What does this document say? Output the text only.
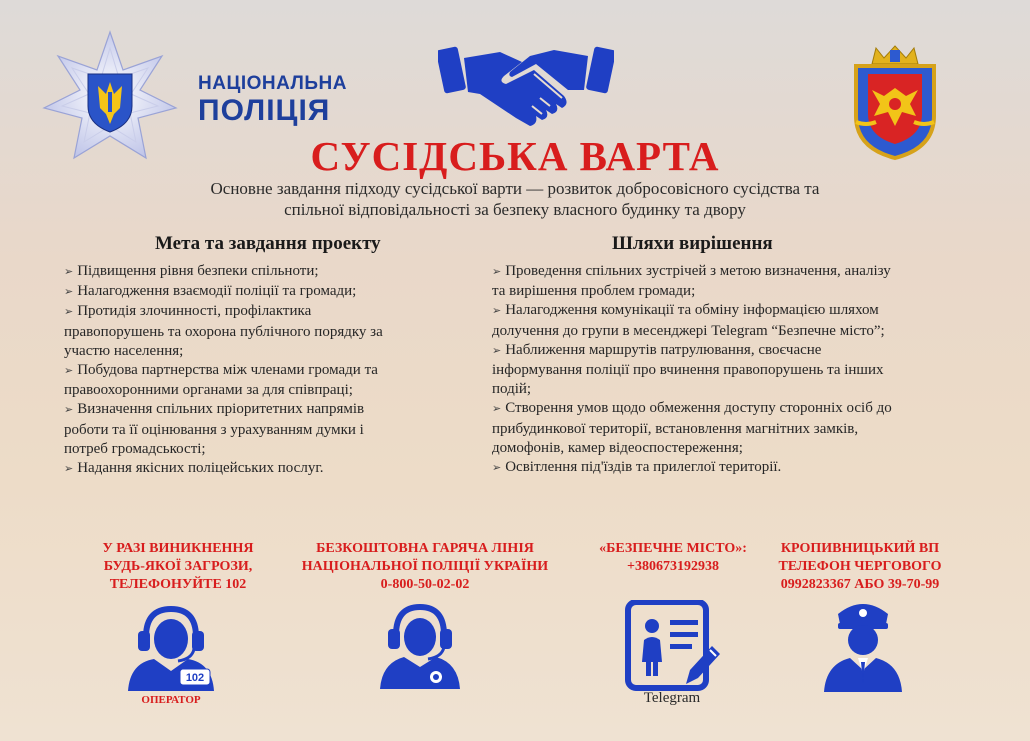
НАЦІОНАЛЬНА
ПОЛІЦІЯ
СУСІДСЬКА ВАРТА
Основне завдання підходу сусідської варти — розвиток добросовісного сусідства та
спільної відповідальності за безпеку власного будинку та двору
Мета та завдання проекту
➢ Підвищення рівня безпеки спільноти;
➢ Налагодження взаємодії поліції та громади;
➢ Протидія злочинності, профілактика
правопорушень та охорона публічного порядку за
участю населення;
➢ Побудова партнерства між членами громади та
правоохоронними органами за для співпраці;
➢ Визначення спільних пріоритетних напрямів
роботи та її оцінювання з урахуванням думки і
потреб громадськості;
➢ Надання якісних поліцейських послуг.
Шляхи вирішення
➢ Проведення спільних зустрічей з метою визначення, аналізу
та вирішення проблем громади;
➢ Налагодження комунікації та обміну інформацією шляхом
долучення до групи в месенджері Telegram “Безпечне місто”;
➢ Наближення маршрутів патрулювання, своєчасне
інформування поліції про вчинення правопорушень та інших
подій;
➢ Створення умов щодо обмеження доступу сторонніх осіб до
прибудинкової території, встановлення магнітних замків,
домофонів, камер відеоспостереження;
➢ Освітлення під'їздів та прилеглої території.
У РАЗІ ВИНИКНЕННЯ
БУДЬ-ЯКОЇ ЗАГРОЗИ,
ТЕЛЕФОНУЙТЕ 102
БЕЗКОШТОВНА ГАРЯЧА ЛІНІЯ
НАЦІОНАЛЬНОЇ ПОЛІЦІЇ УКРАЇНИ
0-800-50-02-02
«БЕЗПЕЧНЕ МІСТО»:
+380673192938
КРОПИВНИЦЬКИЙ ВП
ТЕЛЕФОН ЧЕРГОВОГО
0992823367 АБО 39-70-99
102
ОПЕРАТОР	Telegram
